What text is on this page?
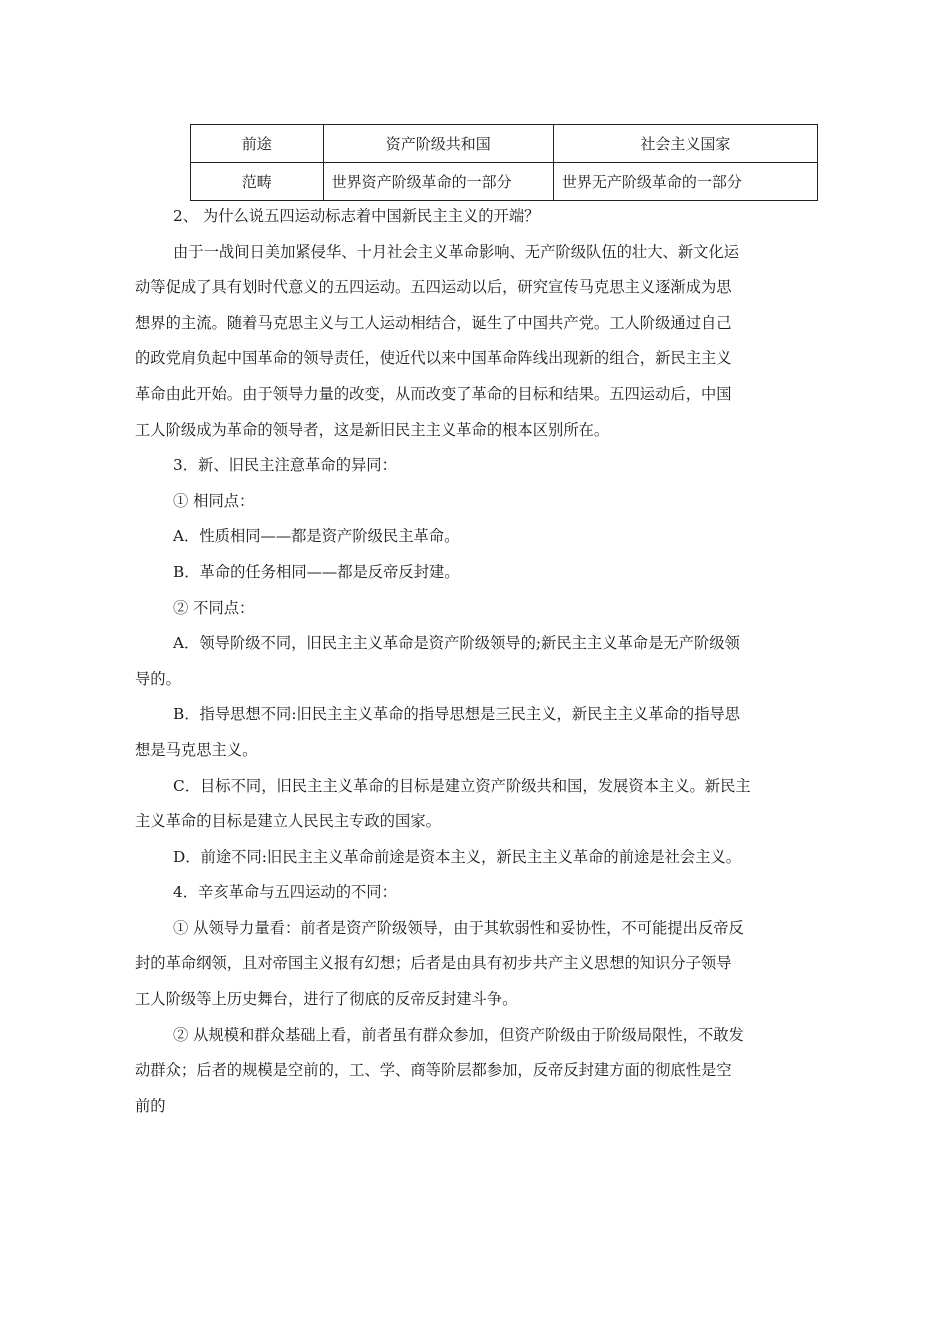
前途	资产阶级共和国	社会主义国家
范畴	世界资产阶级革命的一部分	世界无产阶级革命的一部分
2、 为什么说五四运动标志着中国新民主主义的开端？
由于一战间日美加紧侵华、十月社会主义革命影响、无产阶级队伍的壮大、新文化运
动等促成了具有划时代意义的五四运动。五四运动以后，研究宣传马克思主义逐渐成为思
想界的主流。随着马克思主义与工人运动相结合，诞生了中国共产党。工人阶级通过自己
的政党肩负起中国革命的领导责任，使近代以来中国革命阵线出现新的组合，新民主主义
革命由此开始。由于领导力量的改变，从而改变了革命的目标和结果。五四运动后，中国
工人阶级成为革命的领导者，这是新旧民主主义革命的根本区别所在。
3．新、旧民主注意革命的异同：
① 相同点：
A．性质相同——都是资产阶级民主革命。
B．革命的任务相同——都是反帝反封建。
② 不同点：
A．领导阶级不同，旧民主主义革命是资产阶级领导的;新民主主义革命是无产阶级领
导的。
B．指导思想不同:旧民主主义革命的指导思想是三民主义，新民主主义革命的指导思
想是马克思主义。
C．目标不同，旧民主主义革命的目标是建立资产阶级共和国，发展资本主义。新民主
主义革命的目标是建立人民民主专政的国家。
D．前途不同:旧民主主义革命前途是资本主义，新民主主义革命的前途是社会主义。
4．辛亥革命与五四运动的不同：
① 从领导力量看：前者是资产阶级领导，由于其软弱性和妥协性，不可能提出反帝反
封的革命纲领，且对帝国主义报有幻想；后者是由具有初步共产主义思想的知识分子领导
工人阶级等上历史舞台，进行了彻底的反帝反封建斗争。
② 从规模和群众基础上看，前者虽有群众参加，但资产阶级由于阶级局限性，不敢发
动群众；后者的规模是空前的，工、学、商等阶层都参加，反帝反封建方面的彻底性是空
前的
